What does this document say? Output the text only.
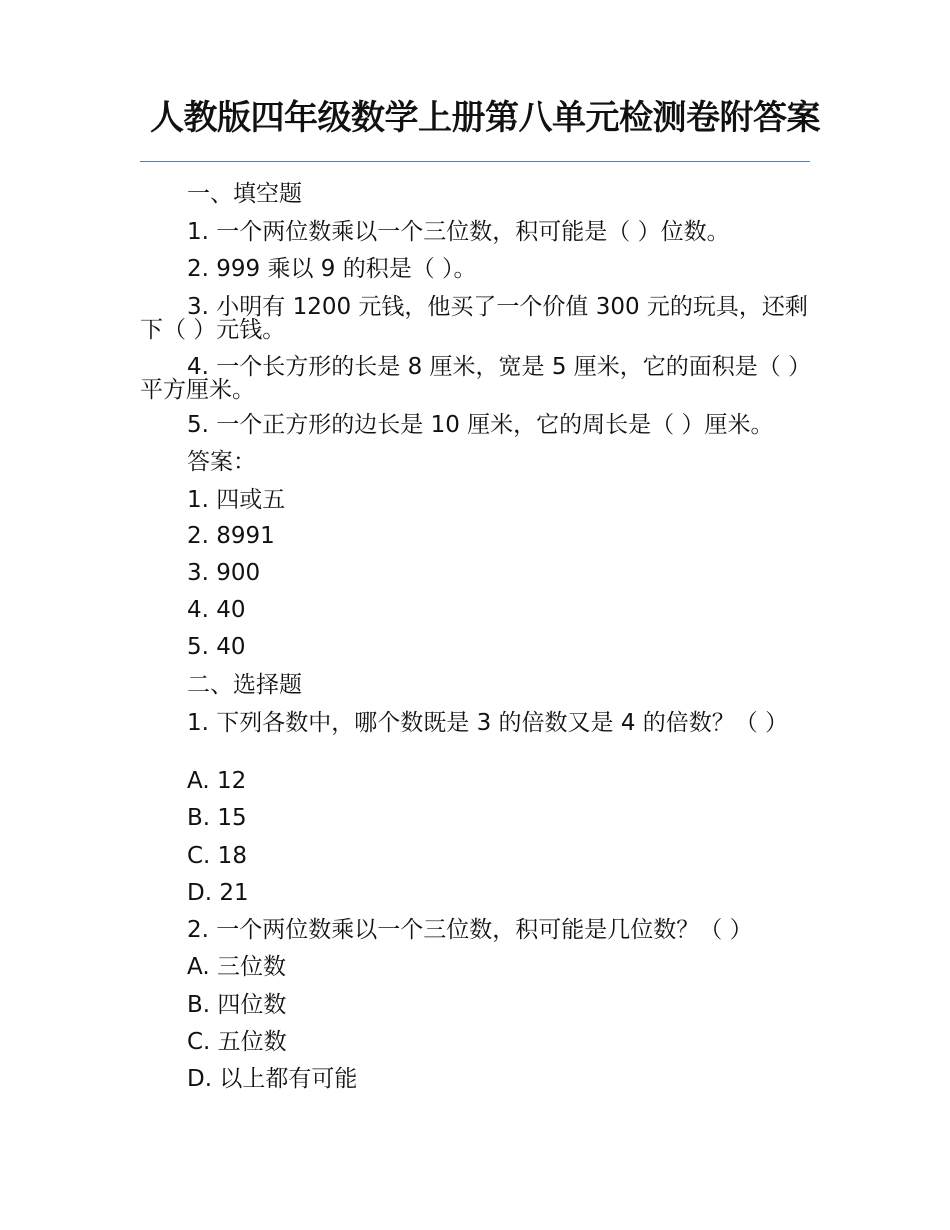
人教版四年级数学上册第八单元检测卷附答案

一、填空题

1. 一个两位数乘以一个三位数，积可能是（ ）位数。

2. 999 乘以 9 的积是（ ）。

3. 小明有 1200 元钱，他买了一个价值 300 元的玩具，还剩下（ ）元钱。

4. 一个长方形的长是 8 厘米，宽是 5 厘米，它的面积是（ ）平方厘米。

5. 一个正方形的边长是 10 厘米，它的周长是（ ）厘米。

答案：

1. 四或五

2. 8991

3. 900

4. 40

5. 40

二、选择题

1. 下列各数中，哪个数既是 3 的倍数又是 4 的倍数？（ ）

A. 12

B. 15

C. 18

D. 21

2. 一个两位数乘以一个三位数，积可能是几位数？（ ）

A. 三位数

B. 四位数

C. 五位数

D. 以上都有可能
